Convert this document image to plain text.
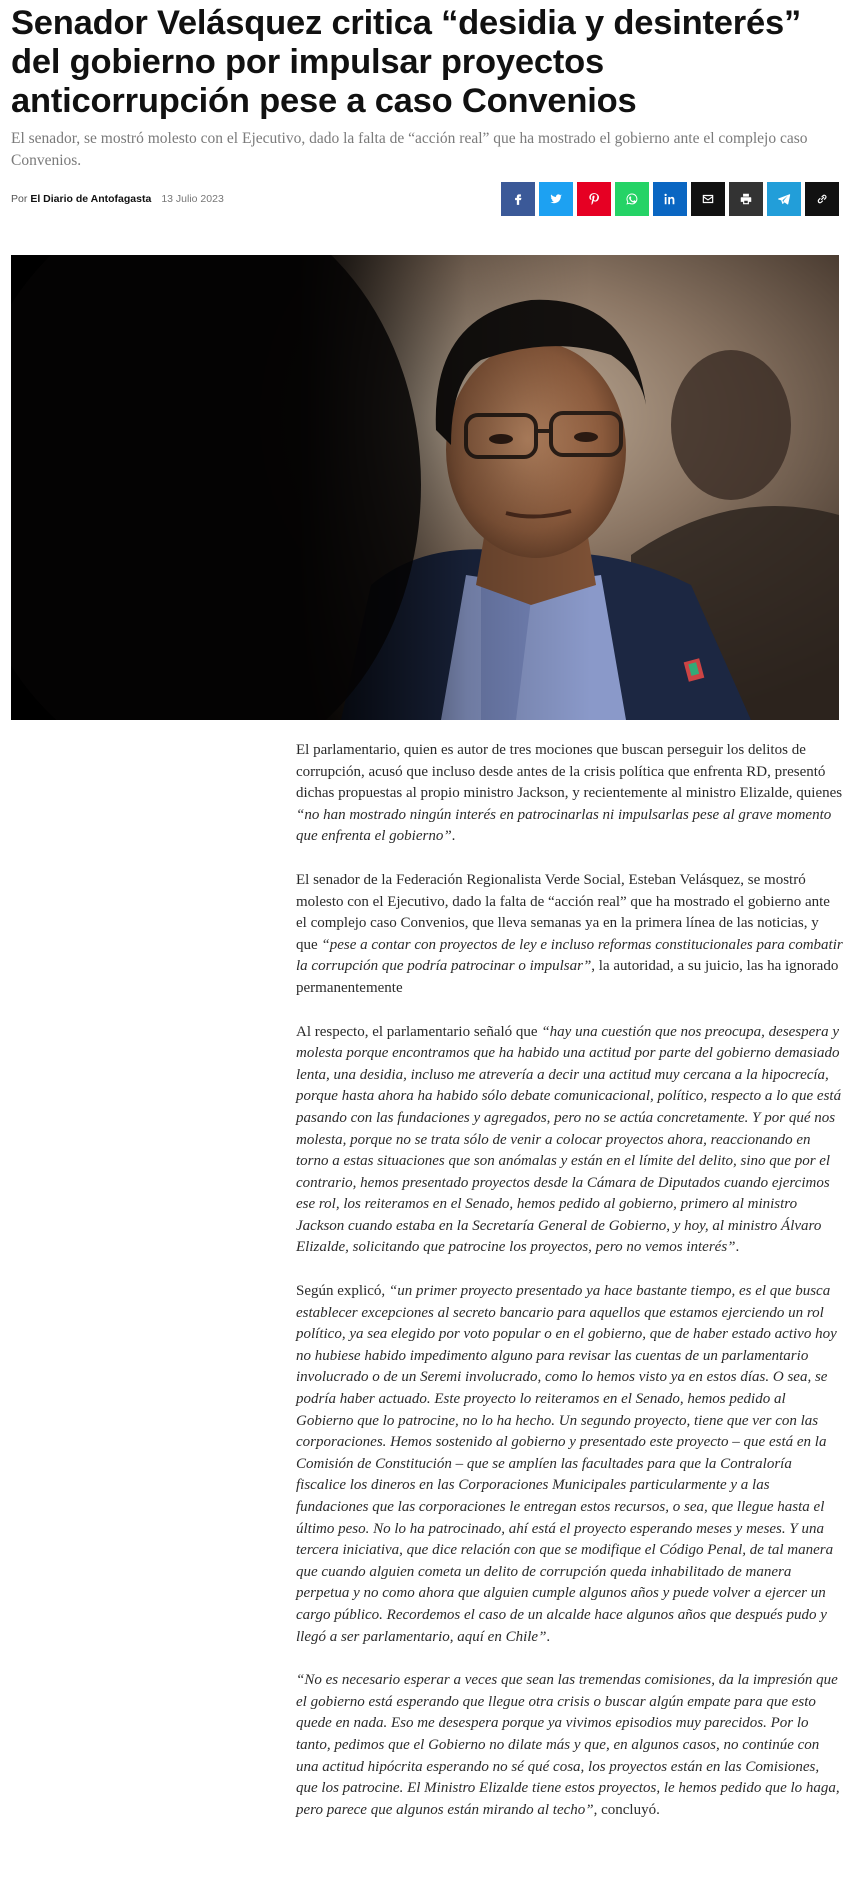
Senador Velásquez critica “desidia y desinterés” del gobierno por impulsar proyectos anticorrupción pese a caso Convenios
El senador, se mostró molesto con el Ejecutivo, dado la falta de “acción real” que ha mostrado el gobierno ante el complejo caso Convenios.
Por El Diario de Antofagasta 13 Julio 2023

El parlamentario, quien es autor de tres mociones que buscan perseguir los delitos de corrupción, acusó que incluso desde antes de la crisis política que enfrenta RD, presentó dichas propuestas al propio ministro Jackson, y recientemente al ministro Elizalde, quienes “no han mostrado ningún interés en patrocinarlas ni impulsarlas pese al grave momento que enfrenta el gobierno”.

El senador de la Federación Regionalista Verde Social, Esteban Velásquez, se mostró molesto con el Ejecutivo, dado la falta de “acción real” que ha mostrado el gobierno ante el complejo caso Convenios, que lleva semanas ya en la primera línea de las noticias, y que “pese a contar con proyectos de ley e incluso reformas constitucionales para combatir la corrupción que podría patrocinar o impulsar”, la autoridad, a su juicio, las ha ignorado permanentemente

Al respecto, el parlamentario señaló que “hay una cuestión que nos preocupa, desespera y molesta porque encontramos que ha habido una actitud por parte del gobierno demasiado lenta, una desidia, incluso me atrevería a decir una actitud muy cercana a la hipocrecía, porque hasta ahora ha habido sólo debate comunicacional, político, respecto a lo que está pasando con las fundaciones y agregados, pero no se actúa concretamente. Y por qué nos molesta, porque no se trata sólo de venir a colocar proyectos ahora, reaccionando en torno a estas situaciones que son anómalas y están en el límite del delito, sino que por el contrario, hemos presentado proyectos desde la Cámara de Diputados cuando ejercimos ese rol, los reiteramos en el Senado, hemos pedido al gobierno, primero al ministro Jackson cuando estaba en la Secretaría General de Gobierno, y hoy, al ministro Álvaro Elizalde, solicitando que patrocine los proyectos, pero no vemos interés”.

Según explicó, “un primer proyecto presentado ya hace bastante tiempo, es el que busca establecer excepciones al secreto bancario para aquellos que estamos ejerciendo un rol político, ya sea elegido por voto popular o en el gobierno, que de haber estado activo hoy no hubiese habido impedimento alguno para revisar las cuentas de un parlamentario involucrado o de un Seremi involucrado, como lo hemos visto ya en estos días. O sea, se podría haber actuado. Este proyecto lo reiteramos en el Senado, hemos pedido al Gobierno que lo patrocine, no lo ha hecho. Un segundo proyecto, tiene que ver con las corporaciones. Hemos sostenido al gobierno y presentado este proyecto – que está en la Comisión de Constitución – que se amplíen las facultades para que la Contraloría fiscalice los dineros en las Corporaciones Municipales particularmente y a las fundaciones que las corporaciones le entregan estos recursos, o sea, que llegue hasta el último peso. No lo ha patrocinado, ahí está el proyecto esperando meses y meses. Y una tercera iniciativa, que dice relación con que se modifique el Código Penal, de tal manera que cuando alguien cometa un delito de corrupción queda inhabilitado de manera perpetua y no como ahora que alguien cumple algunos años y puede volver a ejercer un cargo público. Recordemos el caso de un alcalde hace algunos años que después pudo y llegó a ser parlamentario, aquí en Chile”.

“No es necesario esperar a veces que sean las tremendas comisiones, da la impresión que el gobierno está esperando que llegue otra crisis o buscar algún empate para que esto quede en nada. Eso me desespera porque ya vivimos episodios muy parecidos. Por lo tanto, pedimos que el Gobierno no dilate más y que, en algunos casos, no continúe con una actitud hipócrita esperando no sé qué cosa, los proyectos están en las Comisiones, que los patrocine. El Ministro Elizalde tiene estos proyectos, le hemos pedido que lo haga, pero parece que algunos están mirando al techo”, concluyó.
